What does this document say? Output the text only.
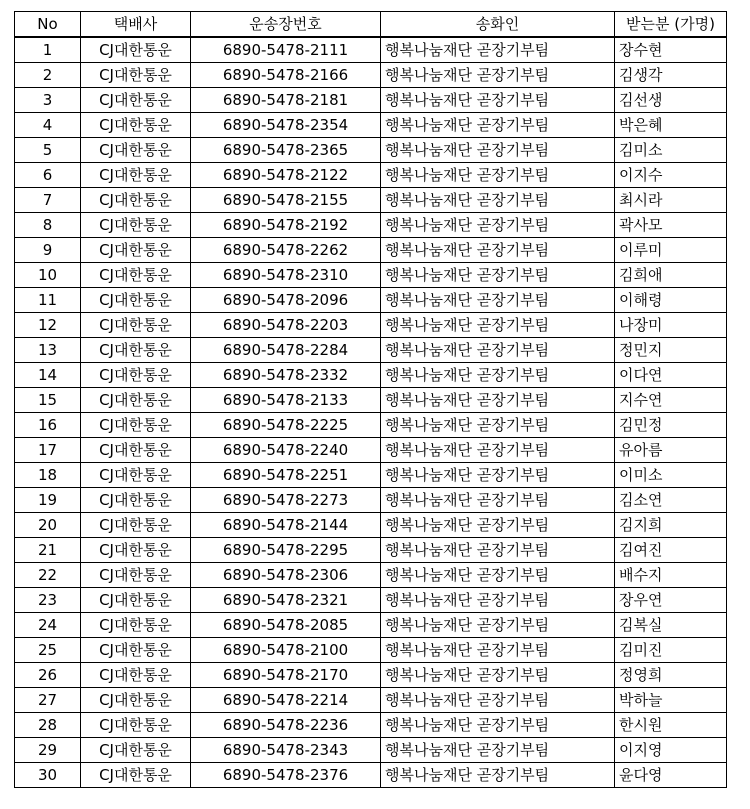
No	택배사	운송장번호	송화인	받는분 (가명)
1	CJ대한통운	6890-5478-2111	행복나눔재단 곧장기부팀	장수현
2	CJ대한통운	6890-5478-2166	행복나눔재단 곧장기부팀	김생각
3	CJ대한통운	6890-5478-2181	행복나눔재단 곧장기부팀	김선생
4	CJ대한통운	6890-5478-2354	행복나눔재단 곧장기부팀	박은혜
5	CJ대한통운	6890-5478-2365	행복나눔재단 곧장기부팀	김미소
6	CJ대한통운	6890-5478-2122	행복나눔재단 곧장기부팀	이지수
7	CJ대한통운	6890-5478-2155	행복나눔재단 곧장기부팀	최시라
8	CJ대한통운	6890-5478-2192	행복나눔재단 곧장기부팀	곽사모
9	CJ대한통운	6890-5478-2262	행복나눔재단 곧장기부팀	이루미
10	CJ대한통운	6890-5478-2310	행복나눔재단 곧장기부팀	김희애
11	CJ대한통운	6890-5478-2096	행복나눔재단 곧장기부팀	이해령
12	CJ대한통운	6890-5478-2203	행복나눔재단 곧장기부팀	나장미
13	CJ대한통운	6890-5478-2284	행복나눔재단 곧장기부팀	정민지
14	CJ대한통운	6890-5478-2332	행복나눔재단 곧장기부팀	이다연
15	CJ대한통운	6890-5478-2133	행복나눔재단 곧장기부팀	지수연
16	CJ대한통운	6890-5478-2225	행복나눔재단 곧장기부팀	김민정
17	CJ대한통운	6890-5478-2240	행복나눔재단 곧장기부팀	유아름
18	CJ대한통운	6890-5478-2251	행복나눔재단 곧장기부팀	이미소
19	CJ대한통운	6890-5478-2273	행복나눔재단 곧장기부팀	김소연
20	CJ대한통운	6890-5478-2144	행복나눔재단 곧장기부팀	김지희
21	CJ대한통운	6890-5478-2295	행복나눔재단 곧장기부팀	김여진
22	CJ대한통운	6890-5478-2306	행복나눔재단 곧장기부팀	배수지
23	CJ대한통운	6890-5478-2321	행복나눔재단 곧장기부팀	장우연
24	CJ대한통운	6890-5478-2085	행복나눔재단 곧장기부팀	김복실
25	CJ대한통운	6890-5478-2100	행복나눔재단 곧장기부팀	김미진
26	CJ대한통운	6890-5478-2170	행복나눔재단 곧장기부팀	정영희
27	CJ대한통운	6890-5478-2214	행복나눔재단 곧장기부팀	박하늘
28	CJ대한통운	6890-5478-2236	행복나눔재단 곧장기부팀	한시원
29	CJ대한통운	6890-5478-2343	행복나눔재단 곧장기부팀	이지영
30	CJ대한통운	6890-5478-2376	행복나눔재단 곧장기부팀	윤다영
